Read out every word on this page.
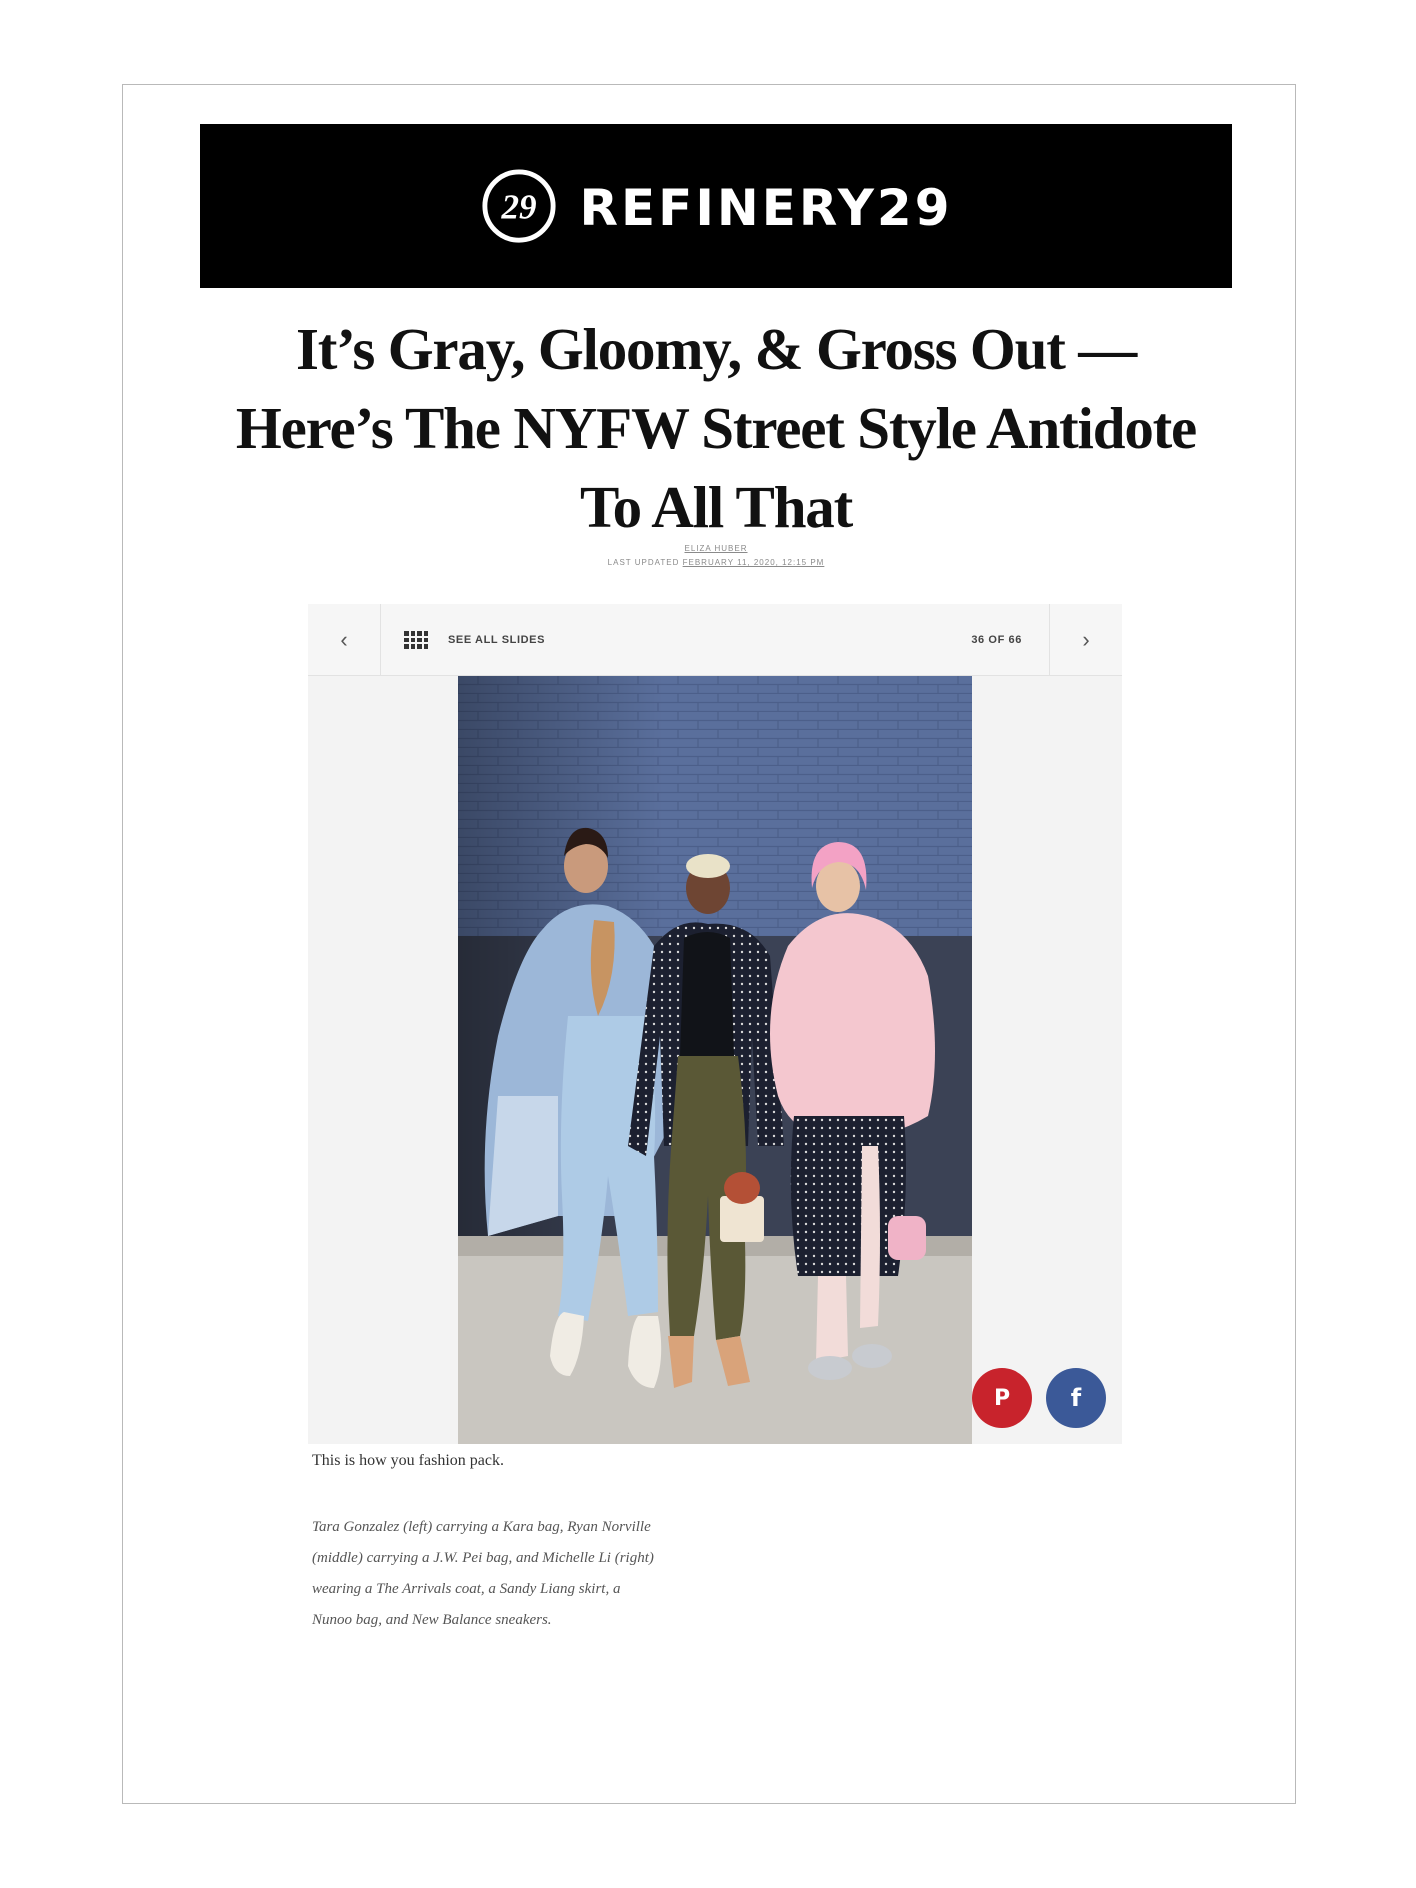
29 REFINERY29
It’s Gray, Gloomy, & Gross Out — Here’s The NYFW Street Style Antidote To All That
ELIZA HUBER
LAST UPDATED FEBRUARY 11, 2020, 12:15 PM
‹	SEE ALL SLIDES	36 OF 66	›
P	f
This is how you fashion pack.

Tara Gonzalez (left) carrying a Kara bag, Ryan Norville (middle) carrying a J.W. Pei bag, and Michelle Li (right) wearing a The Arrivals coat, a Sandy Liang skirt, a Nunoo bag, and New Balance sneakers.
